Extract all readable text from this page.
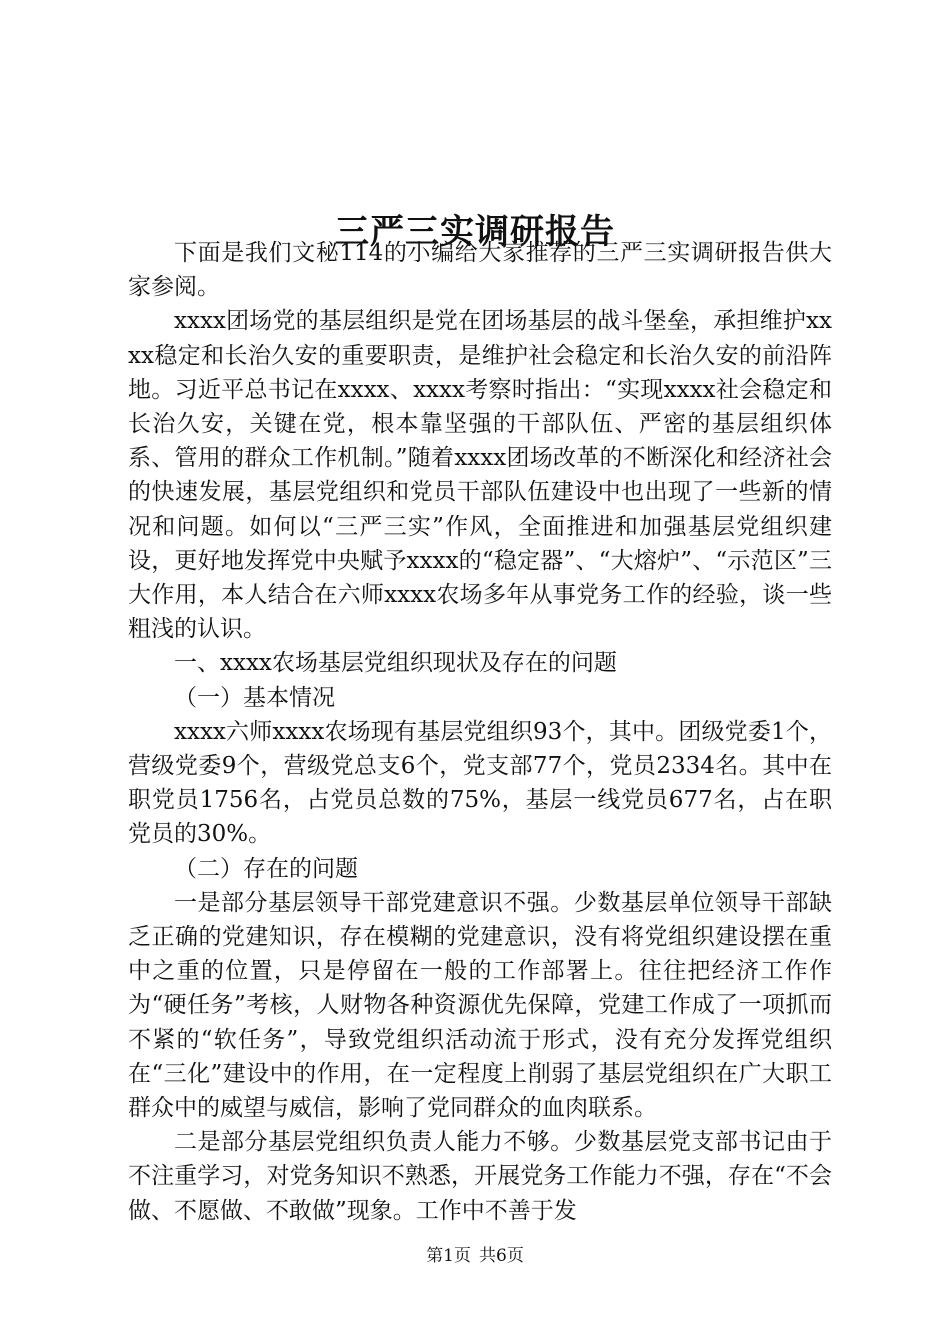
三严三实调研报告

下面是我们文秘114的小编给大家推荐的三严三实调研报告供大家参阅。

xxxx团场党的基层组织是党在团场基层的战斗堡垒，承担维护xxxx稳定和长治久安的重要职责，是维护社会稳定和长治久安的前沿阵地。习近平总书记在xxxx、xxxx考察时指出：“实现xxxx社会稳定和长治久安，关键在党，根本靠坚强的干部队伍、严密的基层组织体系、管用的群众工作机制。”随着xxxx团场改革的不断深化和经济社会的快速发展，基层党组织和党员干部队伍建设中也出现了一些新的情况和问题。如何以“三严三实”作风，全面推进和加强基层党组织建设，更好地发挥党中央赋予xxxx的“稳定器”、“大熔炉”、“示范区”三大作用，本人结合在六师xxxx农场多年从事党务工作的经验，谈一些粗浅的认识。

一、xxxx农场基层党组织现状及存在的问题

（一）基本情况

xxxx六师xxxx农场现有基层党组织93个，其中。团级党委1个，营级党委9个，营级党总支6个，党支部77个，党员2334名。其中在职党员1756名，占党员总数的75%，基层一线党员677名，占在职党员的30%。

（二）存在的问题

一是部分基层领导干部党建意识不强。少数基层单位领导干部缺乏正确的党建知识，存在模糊的党建意识，没有将党组织建设摆在重中之重的位置，只是停留在一般的工作部署上。往往把经济工作作为“硬任务”考核，人财物各种资源优先保障，党建工作成了一项抓而不紧的“软任务”，导致党组织活动流于形式，没有充分发挥党组织在“三化”建设中的作用，在一定程度上削弱了基层党组织在广大职工群众中的威望与威信，影响了党同群众的血肉联系。

二是部分基层党组织负责人能力不够。少数基层党支部书记由于不注重学习，对党务知识不熟悉，开展党务工作能力不强，存在“不会做、不愿做、不敢做”现象。工作中不善于发

第1页 共6页
